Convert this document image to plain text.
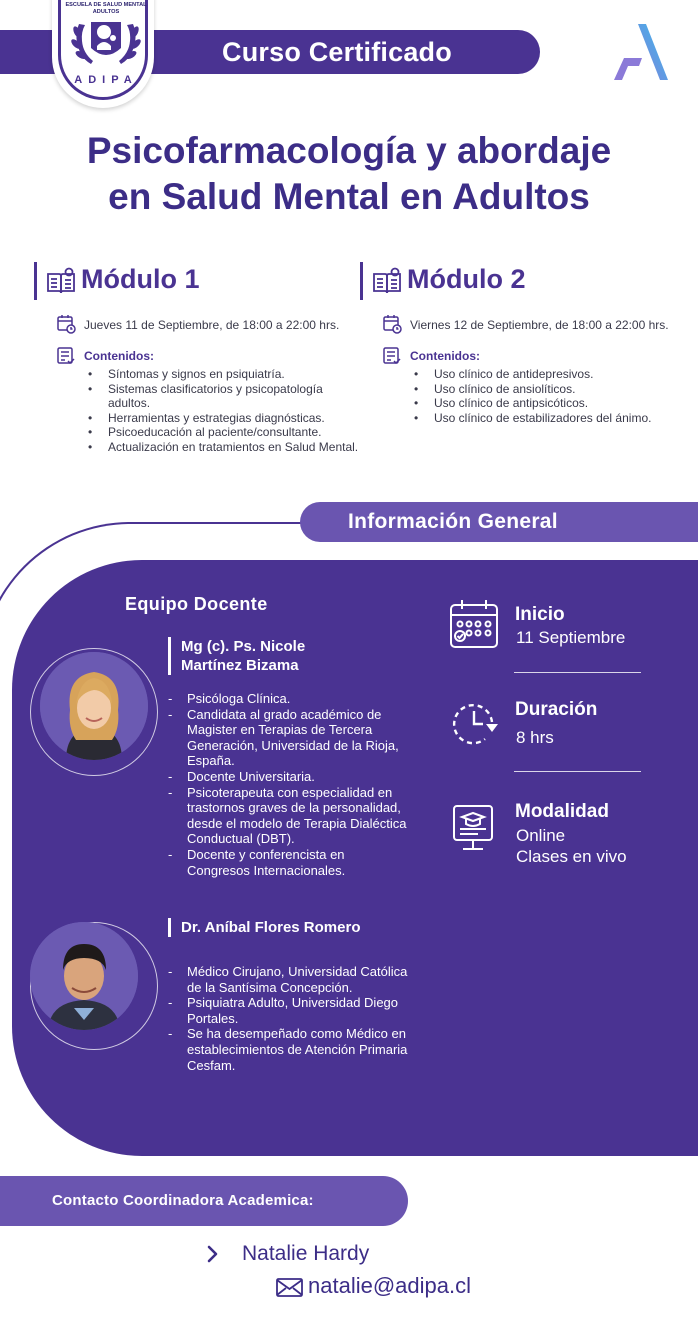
Curso Certificado
ESCUELA DE SALUD MENTAL ADULTOS
ADIPA
Psicofarmacología y abordaje
en Salud Mental en Adultos
Módulo 1
Jueves 11 de Septiembre, de 18:00 a 22:00 hrs.
Contenidos:
• Síntomas y signos en psiquiatría.
• Sistemas clasificatorios y psicopatología adultos.
• Herramientas y estrategias diagnósticas.
• Psicoeducación al paciente/consultante.
• Actualización en tratamientos en Salud Mental.
Módulo 2
Viernes 12 de Septiembre, de 18:00 a 22:00 hrs.
Contenidos:
• Uso clínico de antidepresivos.
• Uso clínico de ansiolíticos.
• Uso clínico de antipsicóticos.
• Uso clínico de estabilizadores del ánimo.
Información General
Equipo Docente
Mg (c). Ps. Nicole
Martínez Bizama
- Psicóloga Clínica.
- Candidata al grado académico de Magister en Terapias de Tercera Generación, Universidad de la Rioja, España.
- Docente Universitaria.
- Psicoterapeuta con especialidad en trastornos graves de la personalidad, desde el modelo de Terapia Dialéctica Conductual (DBT).
- Docente y conferencista en Congresos Internacionales.
Dr. Aníbal Flores Romero
- Médico Cirujano, Universidad Católica de la Santísima Concepción.
- Psiquiatra Adulto, Universidad Diego Portales.
- Se ha desempeñado como Médico en establecimientos de Atención Primaria Cesfam.
Inicio
11 Septiembre
Duración
8 hrs
Modalidad
Online
Clases en vivo
Contacto Coordinadora Academica:
Natalie Hardy
natalie@adipa.cl
